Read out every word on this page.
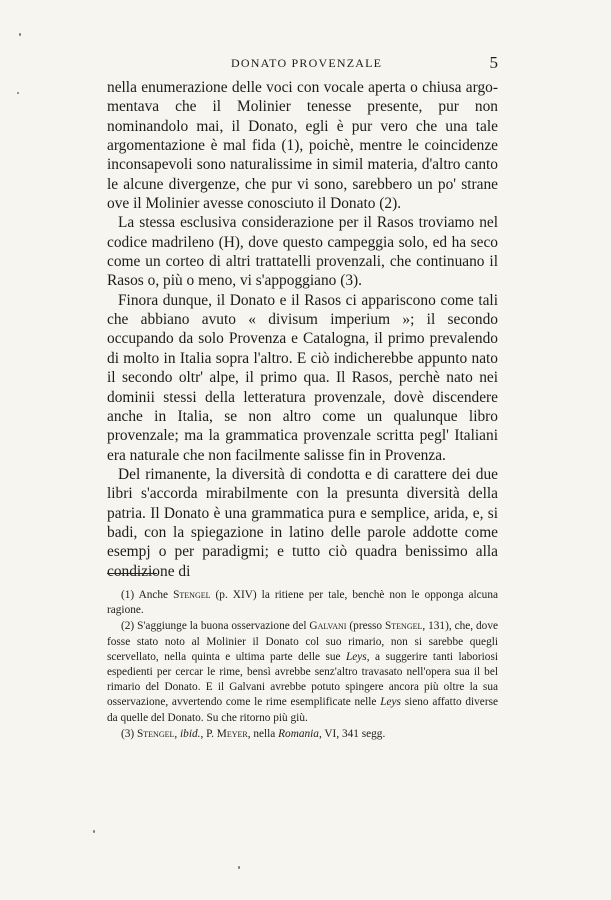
DONATO PROVENZALE	5

nella enumerazione delle voci con vocale aperta o chiusa argomentava che il Molinier tenesse presente, pur non nominandolo mai, il Donato, egli è pur vero che una tale argomentazione è mal fida (1), poichè, mentre le coincidenze inconsapevoli sono naturalissime in simil materia, d'altro canto le alcune divergenze, che pur vi sono, sarebbero un po' strane ove il Molinier avesse conosciuto il Donato (2).

La stessa esclusiva considerazione per il Rasos troviamo nel codice madrileno (H), dove questo campeggia solo, ed ha seco come un corteo di altri trattatelli provenzali, che continuano il Rasos o, più o meno, vi s'appoggiano (3).

Finora dunque, il Donato e il Rasos ci appariscono come tali che abbiano avuto « divisum imperium »; il secondo occupando da solo Provenza e Catalogna, il primo prevalendo di molto in Italia sopra l'altro. E ciò indicherebbe appunto nato il secondo oltr' alpe, il primo qua. Il Rasos, perchè nato nei dominii stessi della letteratura provenzale, dovè discendere anche in Italia, se non altro come un qualunque libro provenzale; ma la grammatica provenzale scritta pegl' Italiani era naturale che non facilmente salisse fin in Provenza.

Del rimanente, la diversità di condotta e di carattere dei due libri s'accorda mirabilmente con la presunta diversità della patria. Il Donato è una grammatica pura e semplice, arida, e, si badi, con la spiegazione in latino delle parole addotte come esempj o per paradigmi; e tutto ciò quadra benissimo alla condizione di

(1) Anche Stengel (p. XIV) la ritiene per tale, benchè non le opponga alcuna ragione.

(2) S'aggiunge la buona osservazione del Galvani (presso Stengel, 131), che, dove fosse stato noto al Molinier il Donato col suo rimario, non si sarebbe quegli scervellato, nella quinta e ultima parte delle sue Leys, a suggerire tanti laboriosi espedienti per cercar le rime, bensì avrebbe senz'altro travasato nell'opera sua il bel rimario del Donato. E il Galvani avrebbe potuto spingere ancora più oltre la sua osservazione, avvertendo come le rime esemplificate nelle Leys sieno affatto diverse da quelle del Donato. Su che ritorno più giù.

(3) Stengel, ibid., P. Meyer, nella Romania, VI, 341 segg.
